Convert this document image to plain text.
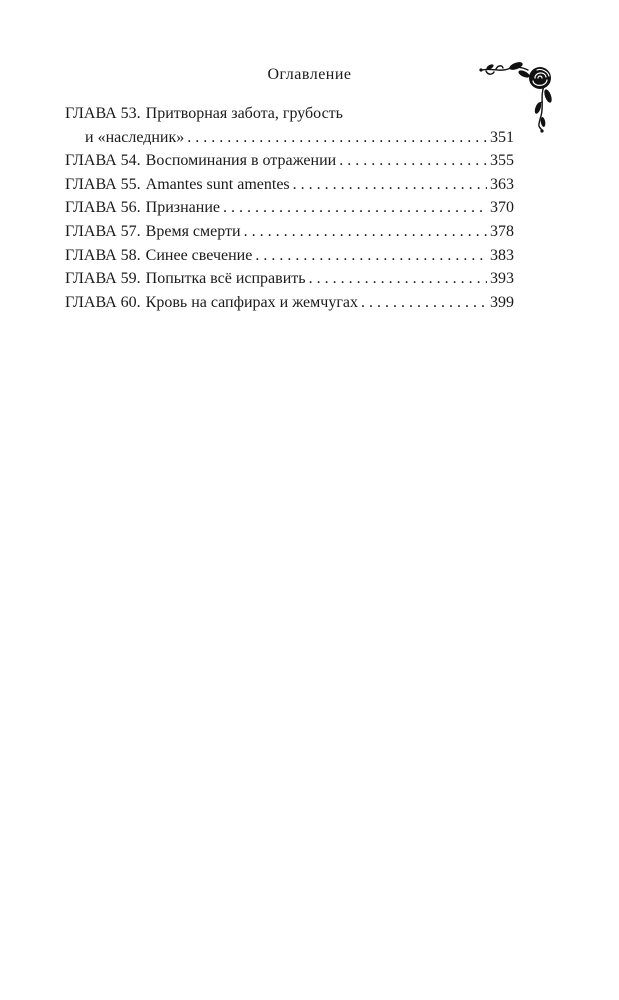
Оглавление
ГЛАВА 53. Притворная забота, грубость
и «наследник» . . .	351
ГЛАВА 54. Воспоминания в отражении . . .	355
ГЛАВА 55. Amantes sunt amentes . . .	363
ГЛАВА 56. Признание . . .	370
ГЛАВА 57. Время смерти . . .	378
ГЛАВА 58. Синее свечение . . .	383
ГЛАВА 59. Попытка всё исправить . . .	393
ГЛАВА 60. Кровь на сапфирах и жемчугах . . .	399
